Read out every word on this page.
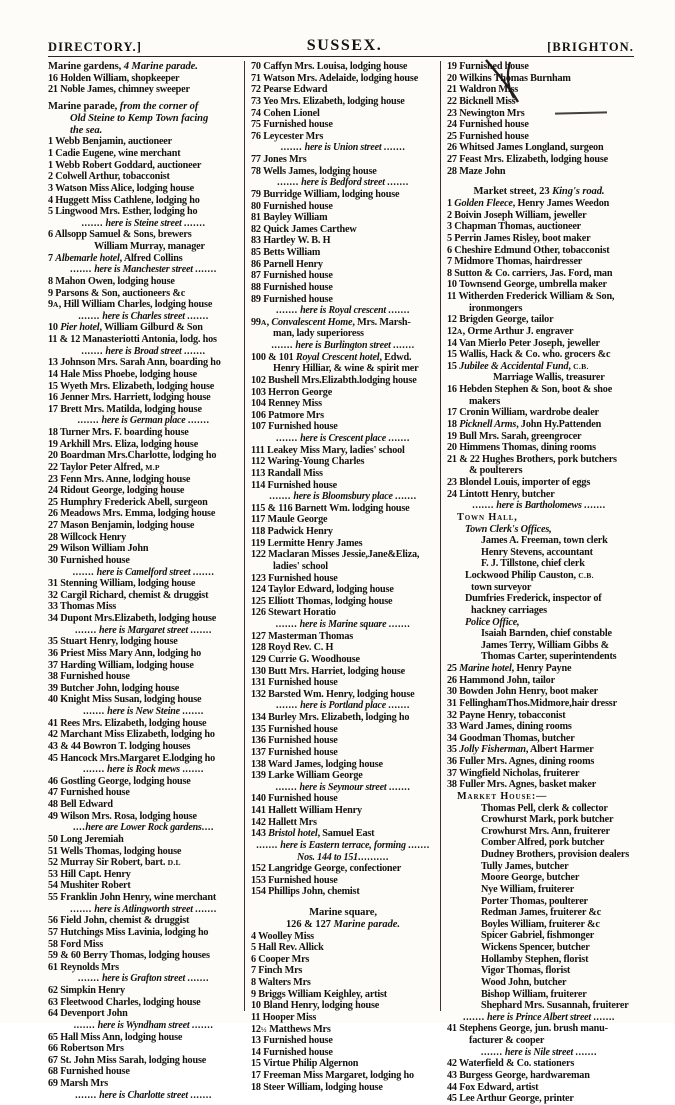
DIRECTORY.]	SUSSEX.	[BRIGHTON.
Marine gardens, 4 Marine parade.
16 Holden William, shopkeeper
21 Noble James, chimney sweeper
Marine parade, from the corner of
Old Steine to Kemp Town facing
the sea.
1 Webb Benjamin, auctioneer
1 Cadie Eugene, wine merchant
1 Webb Robert Goddard, auctioneer
2 Colwell Arthur, tobacconist
3 Watson Miss Alice, lodging house
4 Huggett Miss Cathlene, lodging ho
5 Lingwood Mrs. Esther, lodging ho
....... here is Steine street .......
6 Allsopp Samuel & Sons, brewers
William Murray, manager
7 Albemarle hotel, Alfred Collins
....... here is Manchester street .......
8 Mahon Owen, lodging house
9 Parsons & Son, auctioneers &c
9A, Hill William Charles, lodging house
....... here is Charles street .......
10 Pier hotel, William Gilburd & Son
11 & 12 Manasteriotti Antonia, lodg. hos
....... here is Broad street .......
13 Johnson Mrs. Sarah Ann, boarding ho
14 Hale Miss Phoebe, lodging house
15 Wyeth Mrs. Elizabeth, lodging house
16 Jenner Mrs. Harriett, lodging house
17 Brett Mrs. Matilda, lodging house
....... here is German place .......
18 Turner Mrs. F. boarding house
19 Arkhill Mrs. Eliza, lodging house
20 Boardman Mrs.Charlotte, lodging ho
22 Taylor Peter Alfred, M.P
23 Fenn Mrs. Anne, lodging house
24 Ridout George, lodging house
25 Humphry Frederick Abell, surgeon
26 Meadows Mrs. Emma, lodging house
27 Mason Benjamin, lodging house
28 Willcock Henry
29 Wilson William John
30 Furnished house
....... here is Camelford street .......
31 Stenning William, lodging house
32 Cargil Richard, chemist & druggist
33 Thomas Miss
34 Dupont Mrs.Elizabeth, lodging house
....... here is Margaret street .......
35 Stuart Henry, lodging house
36 Priest Miss Mary Ann, lodging ho
37 Harding William, lodging house
38 Furnished house
39 Butcher John, lodging house
40 Knight Miss Susan, lodging house
....... here is New Steine .......
41 Rees Mrs. Elizabeth, lodging house
42 Marchant Miss Elizabeth, lodging ho
43 & 44 Bowron T. lodging houses
45 Hancock Mrs.Margaret E.lodging ho
....... here is Rock mews .......
46 Gostling George, lodging house
47 Furnished house
48 Bell Edward
49 Wilson Mrs. Rosa, lodging house
....here are Lower Rock gardens....
50 Long Jeremiah
51 Wells Thomas, lodging house
52 Murray Sir Robert, bart. D.L
53 Hill Capt. Henry
54 Mushiter Robert
55 Franklin John Henry, wine merchant
....... here is Atlingworth street .......
56 Field John, chemist & druggist
57 Hutchings Miss Lavinia, lodging ho
58 Ford Miss
59 & 60 Berry Thomas, lodging houses
61 Reynolds Mrs
....... here is Grafton street .......
62 Simpkin Henry
63 Fleetwood Charles, lodging house
64 Devenport John
....... here is Wyndham street .......
65 Hall Miss Ann, lodging house
66 Robertson Mrs
67 St. John Miss Sarah, lodging house
68 Furnished house
69 Marsh Mrs
....... here is Charlotte street .......
70 Caffyn Mrs. Louisa, lodging house
71 Watson Mrs. Adelaide, lodging house
72 Pearse Edward
73 Yeo Mrs. Elizabeth, lodging house
74 Cohen Lionel
75 Furnished house
76 Leycester Mrs
....... here is Union street .......
77 Jones Mrs
78 Wells James, lodging house
....... here is Bedford street .......
79 Burridge William, lodging house
80 Furnished house
81 Bayley William
82 Quick James Carthew
83 Hartley W. B. H
85 Betts William
86 Parnell Henry
87 Furnished house
88 Furnished house
89 Furnished house
....... here is Royal crescent .......
99A, Convalescent Home, Mrs. Marsh-
man, lady superioress
....... here is Burlington street .......
100 & 101 Royal Crescent hotel, Edwd.
Henry Hilliar, & wine & spirit mer
102 Bushell Mrs.Elizabth.lodging house
103 Herron George
104 Renney Miss
106 Patmore Mrs
107 Furnished house
....... here is Crescent place .......
111 Leakey Miss Mary, ladies' school
112 Waring-Young Charles
113 Randall Miss
114 Furnished house
....... here is Bloomsbury place .......
115 & 116 Barnett Wm. lodging house
117 Maule George
118 Padwick Henry
119 Lermitte Henry James
122 Maclaran Misses Jessie,Jane&Eliza,
ladies' school
123 Furnished house
124 Taylor Edward, lodging house
125 Elliott Thomas, lodging house
126 Stewart Horatio
....... here is Marine square .......
127 Masterman Thomas
128 Royd Rev. C. H
129 Currie G. Woodhouse
130 Butt Mrs. Harriet, lodging house
131 Furnished house
132 Barsted Wm. Henry, lodging house
....... here is Portland place .......
134 Burley Mrs. Elizabeth, lodging ho
135 Furnished house
136 Furnished house
137 Furnished house
138 Ward James, lodging house
139 Larke William George
....... here is Seymour street .......
140 Furnished house
141 Hallett William Henry
142 Hallett Mrs
143 Bristol hotel, Samuel East
....... here is Eastern terrace, forming .......
Nos. 144 to 151..........
152 Langridge George, confectioner
153 Furnished house
154 Phillips John, chemist
Marine square,
126 & 127 Marine parade.
4 Woolley Miss
5 Hall Rev. Allick
6 Cooper Mrs
7 Finch Mrs
8 Walters Mrs
9 Briggs William Keighley, artist
10 Bland Henry, lodging house
11 Hooper Miss
12½ Matthews Mrs
13 Furnished house
14 Furnished house
15 Virtue Philip Algernon
17 Freeman Miss Margaret, lodging ho
18 Steer William, lodging house
19 Furnished house
20 Wilkins Thomas Burnham
21 Waldron Miss
22 Bicknell Miss
23 Newington Mrs
24 Furnished house
25 Furnished house
26 Whitsed James Longland, surgeon
27 Feast Mrs. Elizabeth, lodging house
28 Maze John
Market street, 23 King's road.
1 Golden Fleece, Henry James Weedon
2 Boivin Joseph William, jeweller
3 Chapman Thomas, auctioneer
5 Perrin James Risley, boot maker
6 Cheshire Edmund Other, tobacconist
7 Midmore Thomas, hairdresser
8 Sutton & Co. carriers, Jas. Ford, man
10 Townsend George, umbrella maker
11 Witherden Frederick William & Son,
ironmongers
12 Brigden George, tailor
12A, Orme Arthur J. engraver
14 Van Mierlo Peter Joseph, jeweller
15 Wallis, Hack & Co. who. grocers &c
15 Jubilee & Accidental Fund, C.B.
Marriage Wallis, treasurer
16 Hebden Stephen & Son, boot & shoe
makers
17 Cronin William, wardrobe dealer
18 Picknell Arms, John Hy.Pattenden
19 Bull Mrs. Sarah, greengrocer
20 Himmens Thomas, dining rooms
21 & 22 Hughes Brothers, pork butchers
& poulterers
23 Blondel Louis, importer of eggs
24 Lintott Henry, butcher
....... here is Bartholomews .......
Town Hall,
Town Clerk's Offices,
James A. Freeman, town clerk
Henry Stevens, accountant
F. J. Tillstone, chief clerk
Lockwood Philip Causton, C.B.
town surveyor
Dumfries Frederick, inspector of
hackney carriages
Police Office,
Isaiah Barnden, chief constable
James Terry, William Gibbs &
Thomas Carter, superintendents
25 Marine hotel, Henry Payne
26 Hammond John, tailor
30 Bowden John Henry, boot maker
31 FellinghamThos.Midmore,hair dressr
32 Payne Henry, tobacconist
33 Ward James, dining rooms
34 Goodman Thomas, butcher
35 Jolly Fisherman, Albert Harmer
36 Fuller Mrs. Agnes, dining rooms
37 Wingfield Nicholas, fruiterer
38 Fuller Mrs. Agnes, basket maker
Market House:—
Thomas Pell, clerk & collector
Crowhurst Mark, pork butcher
Crowhurst Mrs. Ann, fruiterer
Comber Alfred, pork butcher
Dudney Brothers, provision dealers
Tully James, butcher
Moore George, butcher
Nye William, fruiterer
Porter Thomas, poulterer
Redman James, fruiterer &c
Boyles William, fruiterer &c
Spicer Gabriel, fishmonger
Wickens Spencer, butcher
Hollamby Stephen, florist
Vigor Thomas, florist
Wood John, butcher
Bishop William, fruiterer
Shephard Mrs. Susannah, fruiterer
....... here is Prince Albert street .......
41 Stephens George, jun. brush manu-
facturer & cooper
....... here is Nile street .......
42 Waterfield & Co. stationers
43 Burgess George, hardwareman
44 Fox Edward, artist
45 Lee Arthur George, printer
